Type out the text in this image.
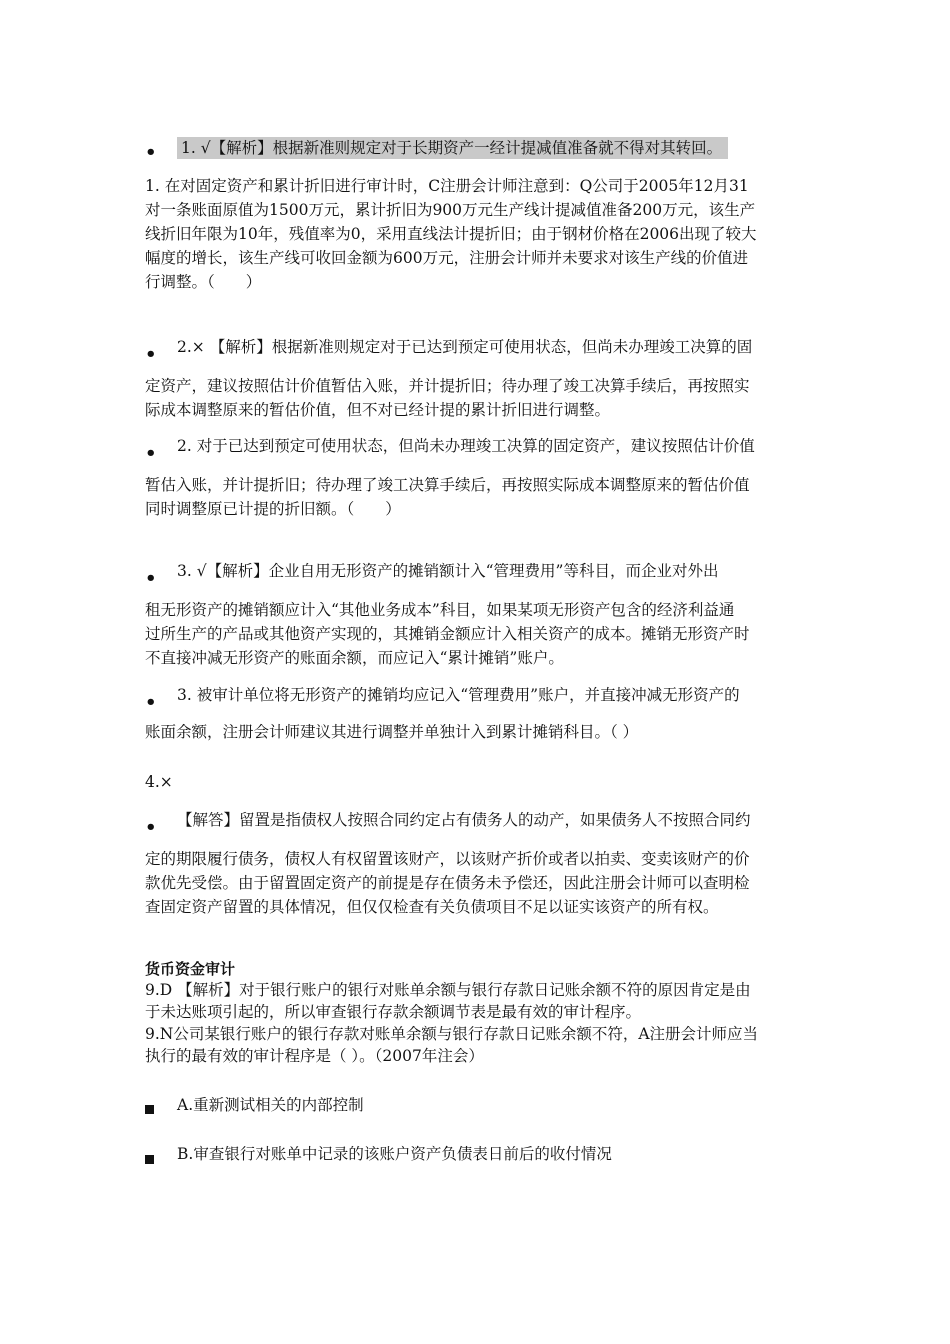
• 1. √【解析】根据新准则规定对于长期资产一经计提减值准备就不得对其转回。
1. 在对固定资产和累计折旧进行审计时，C注册会计师注意到：Q公司于2005年12月31
对一条账面原值为1500万元，累计折旧为900万元生产线计提减值准备200万元，该生产
线折旧年限为10年，残值率为0，采用直线法计提折旧；由于钢材价格在2006出现了较大
幅度的增长，该生产线可收回金额为600万元，注册会计师并未要求对该生产线的价值进
行调整。（　　）
• 2.× 【解析】根据新准则规定对于已达到预定可使用状态，但尚未办理竣工决算的固
定资产，建议按照估计价值暂估入账，并计提折旧；待办理了竣工决算手续后，再按照实
际成本调整原来的暂估价值，但不对已经计提的累计折旧进行调整。
• 2. 对于已达到预定可使用状态，但尚未办理竣工决算的固定资产，建议按照估计价值
暂估入账，并计提折旧；待办理了竣工决算手续后，再按照实际成本调整原来的暂估价值
同时调整原已计提的折旧额。（　　）
• 3. √【解析】企业自用无形资产的摊销额计入“管理费用”等科目，而企业对外出
租无形资产的摊销额应计入“其他业务成本”科目，如果某项无形资产包含的经济利益通
过所生产的产品或其他资产实现的，其摊销金额应计入相关资产的成本。摊销无形资产时
不直接冲减无形资产的账面余额，而应记入“累计摊销”账户。
• 3. 被审计单位将无形资产的摊销均应记入“管理费用”账户，并直接冲减无形资产的
账面余额，注册会计师建议其进行调整并单独计入到累计摊销科目。（ ）
4.×
• 【解答】留置是指债权人按照合同约定占有债务人的动产，如果债务人不按照合同约
定的期限履行债务，债权人有权留置该财产，以该财产折价或者以拍卖、变卖该财产的价
款优先受偿。由于留置固定资产的前提是存在债务未予偿还，因此注册会计师可以查明检
查固定资产留置的具体情况，但仅仅检查有关负债项目不足以证实该资产的所有权。
货币资金审计
9.D 【解析】对于银行账户的银行对账单余额与银行存款日记账余额不符的原因肯定是由
于未达账项引起的，所以审查银行存款余额调节表是最有效的审计程序。
9.N公司某银行账户的银行存款对账单余额与银行存款日记账余额不符，A注册会计师应当
执行的最有效的审计程序是（ ）。（2007年注会）
A.重新测试相关的内部控制
B.审查银行对账单中记录的该账户资产负债表日前后的收付情况
